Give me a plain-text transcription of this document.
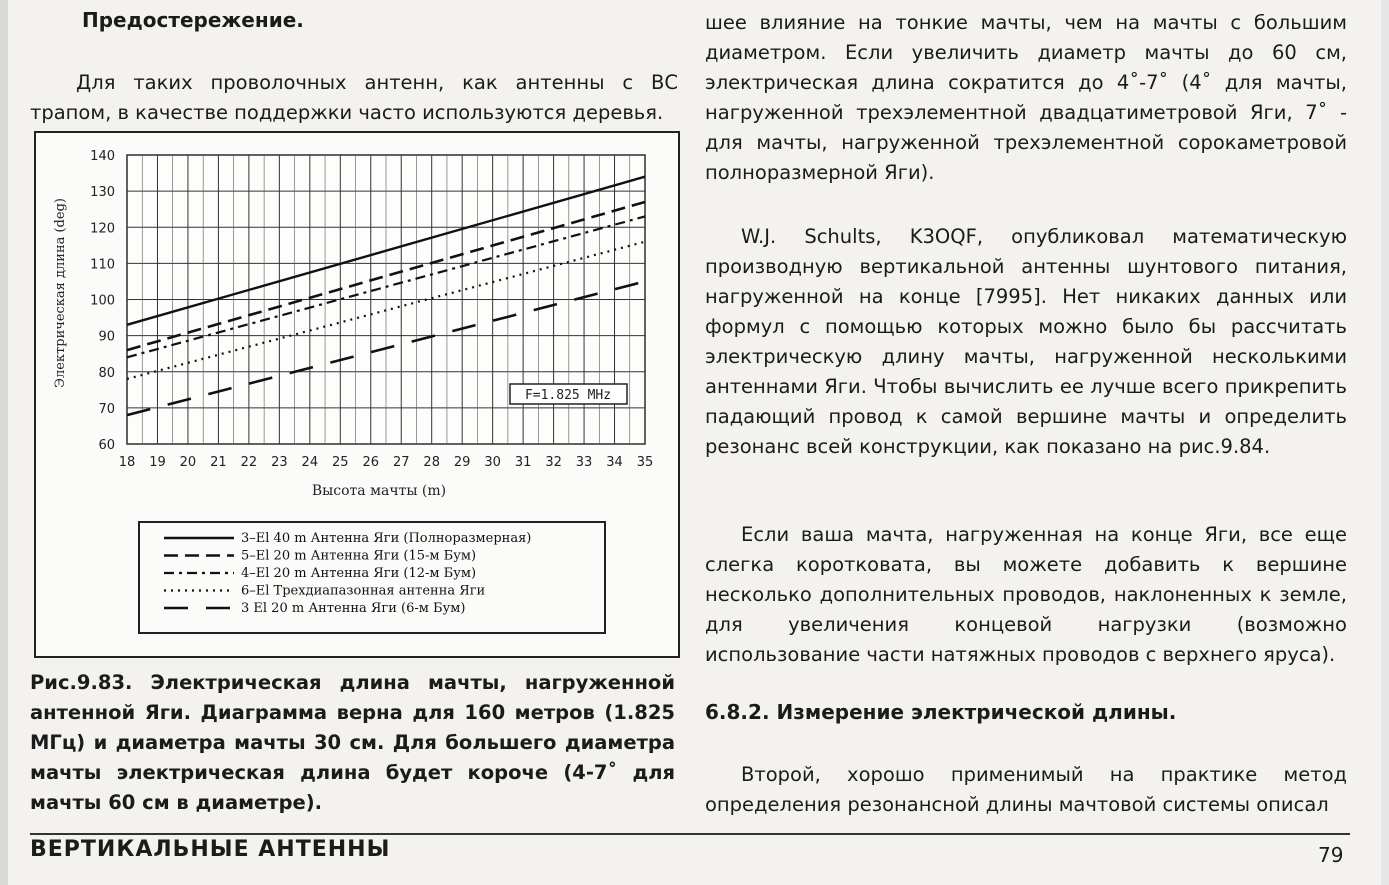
Предостережение.

Для таких проволочных антенн, как антенны с ВС трапом, в качестве поддержки часто используются деревья.

18 19 20 21 22 23 24 25 26 27 28 29 30 31 32 33 34 35
60
70
80
90
100
110
120
130
140
Электрическая длина (deg)
Высота мачты (m)
F=1.825 MHz
3–El 40 m Антенна Яги (Полноразмерная)
5–El 20 m Антенна Яги (15-м Бум)
4–El 20 m Антенна Яги (12-м Бум)
6–El Трехдиапазонная антенна Яги
3 El 20 m Антенна Яги (6-м Бум)
Рис.9.83. Электрическая длина мачты, нагруженной антенной Яги. Диаграмма верна для 160 метров (1.825 МГц) и диаметра мачты 30 см. Для большего диаметра мачты электрическая длина будет короче (4-7˚ для мачты 60 см в диаметре).

шее влияние на тонкие мачты, чем на мачты с большим диаметром. Если увеличить диаметр мачты до 60 см, электрическая длина сократится до 4˚-7˚ (4˚ для мачты, нагруженной трехэлементной двадцатиметровой Яги, 7˚ - для мачты, нагруженной трехэлементной сорокаметровой полноразмерной Яги).

W.J. Schults, K3OQF, опубликовал математическую производную вертикальной антенны шунтового питания, нагруженной на конце [7995]. Нет никаких данных или формул с помощью которых можно было бы рассчитать электрическую длину мачты, нагруженной несколькими антеннами Яги. Чтобы вычислить ее лучше всего прикрепить падающий провод к самой вершине мачты и определить резонанс всей конструкции, как показано на рис.9.84.

Если ваша мачта, нагруженная на конце Яги, все еще слегка коротковата, вы можете добавить к вершине несколько дополнительных проводов, наклоненных к земле, для увеличения концевой нагрузки (возможно использование части натяжных проводов с верхнего яруса).

6.8.2. Измерение электрической длины.

Второй, хорошо применимый на практике метод определения резонансной длины мачтовой системы описал

ВЕРТИКАЛЬНЫЕ АНТЕННЫ	79
